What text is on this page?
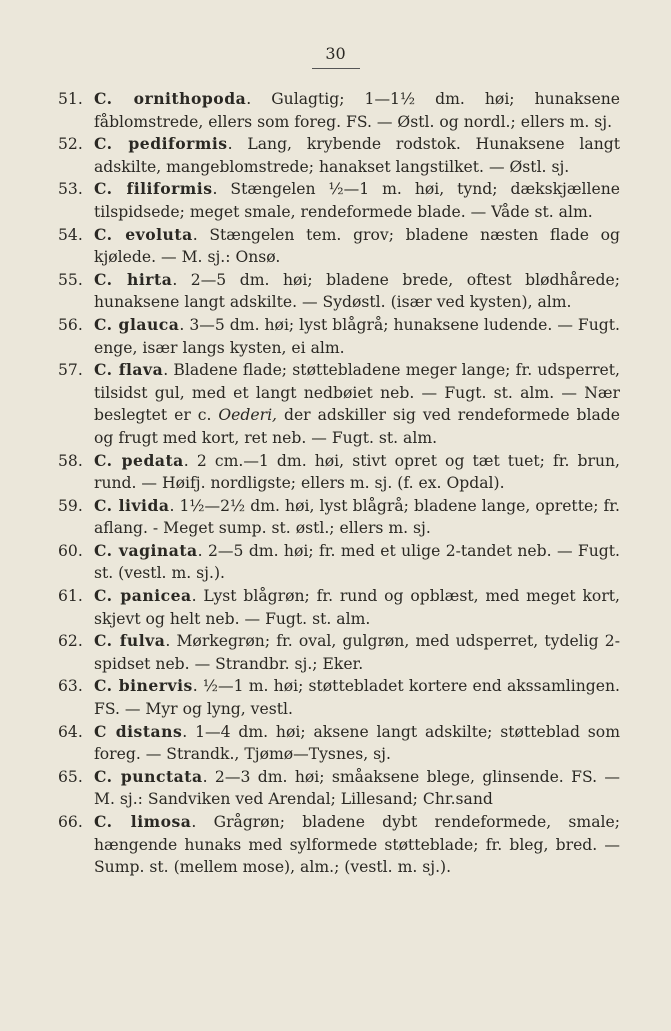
30
51. C. ornithopoda. Gulagtig; 1—1½ dm. høi; hunaksene fåblomstrede, ellers som foreg. FS. — Østl. og nordl.; ellers m. sj.
52. C. pediformis. Lang, krybende rodstok. Hunaksene langt adskilte, mangeblomstrede; hanakset langstilket. — Østl. sj.
53. C. filiformis. Stængelen ½—1 m. høi, tynd; dækskjællene tilspidsede; meget smale, rendeformede blade. — Våde st. alm.
54. C. evoluta. Stængelen tem. grov; bladene næsten flade og kjølede. — M. sj.: Onsø.
55. C. hirta. 2—5 dm. høi; bladene brede, oftest blødhårede; hunaksene langt adskilte. — Sydøstl. (især ved kysten), alm.
56. C. glauca. 3—5 dm. høi; lyst blågrå; hunaksene ludende. — Fugt. enge, især langs kysten, ei alm.
57. C. flava. Bladene flade; støttebladene meger lange; fr. udsperret, tilsidst gul, med et langt nedbøiet neb. — Fugt. st. alm. — Nær beslegtet er c. Oederi, der adskiller sig ved rendeformede blade og frugt med kort, ret neb. — Fugt. st. alm.
58. C. pedata. 2 cm.—1 dm. høi, stivt opret og tæt tuet; fr. brun, rund. — Høifj. nordligste; ellers m. sj. (f. ex. Opdal).
59. C. livida. 1½—2½ dm. høi, lyst blågrå; bladene lange, oprette; fr. aflang. - Meget sump. st. østl.; ellers m. sj.
60. C. vaginata. 2—5 dm. høi; fr. med et ulige 2-tandet neb. — Fugt. st. (vestl. m. sj.).
61. C. panicea. Lyst blågrøn; fr. rund og opblæst, med meget kort, skjevt og helt neb. — Fugt. st. alm.
62. C. fulva. Mørkegrøn; fr. oval, gulgrøn, med udsperret, tydelig 2-spidset neb. — Strandbr. sj.; Eker.
63. C. binervis. ½—1 m. høi; støttebladet kortere end akssamlingen. FS. — Myr og lyng, vestl.
64. C distans. 1—4 dm. høi; aksene langt adskilte; støtteblad som foreg. — Strandk., Tjømø—Tysnes, sj.
65. C. punctata. 2—3 dm. høi; småaksene blege, glinsende. FS. — M. sj.: Sandviken ved Arendal; Lillesand; Chr.sand
66. C. limosa. Grågrøn; bladene dybt rendeformede, smale; hængende hunaks med sylformede støtteblade; fr. bleg, bred. — Sump. st. (mellem mose), alm.; (vestl. m. sj.).
